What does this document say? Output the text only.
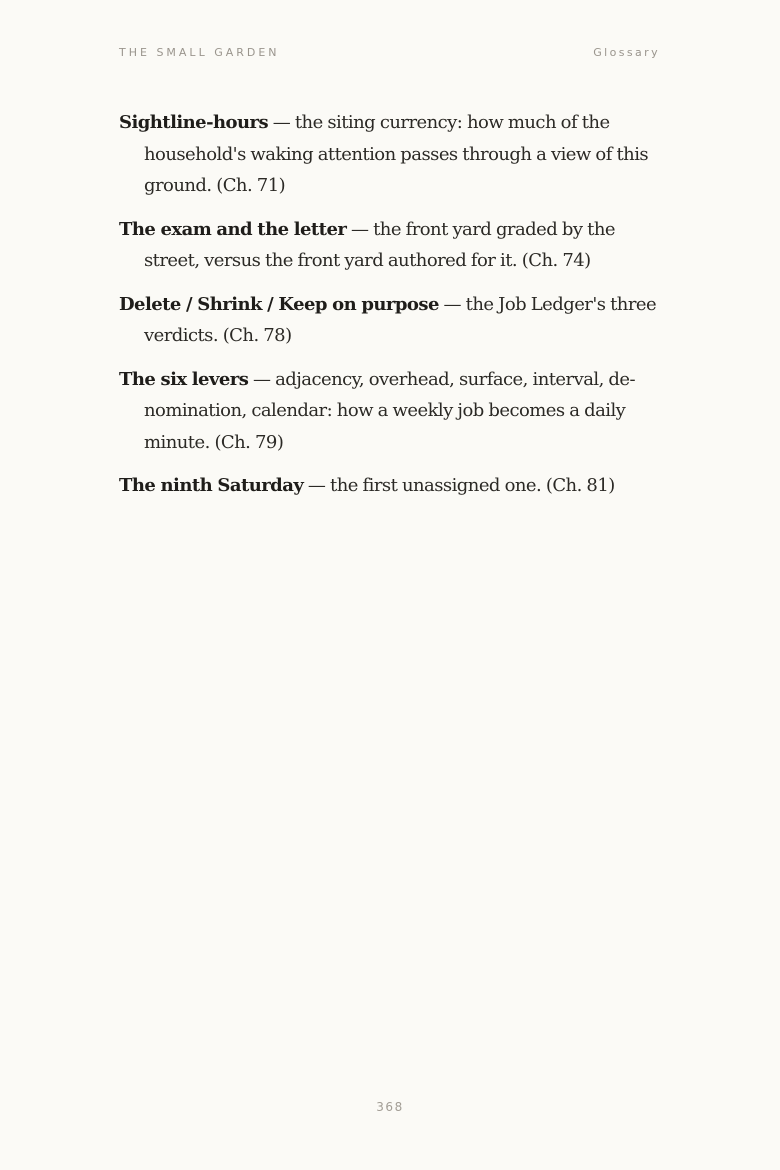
THE SMALL GARDEN	Glossary

Sightline-hours — the siting currency: how much of the household's waking attention passes through a view of this ground. (Ch. 71)

The exam and the letter — the front yard graded by the street, versus the front yard authored for it. (Ch. 74)

Delete / Shrink / Keep on purpose — the Job Ledger's three verdicts. (Ch. 78)

The six levers — adjacency, overhead, surface, interval, denomination, calendar: how a weekly job becomes a daily minute. (Ch. 79)

The ninth Saturday — the first unassigned one. (Ch. 81)

368
